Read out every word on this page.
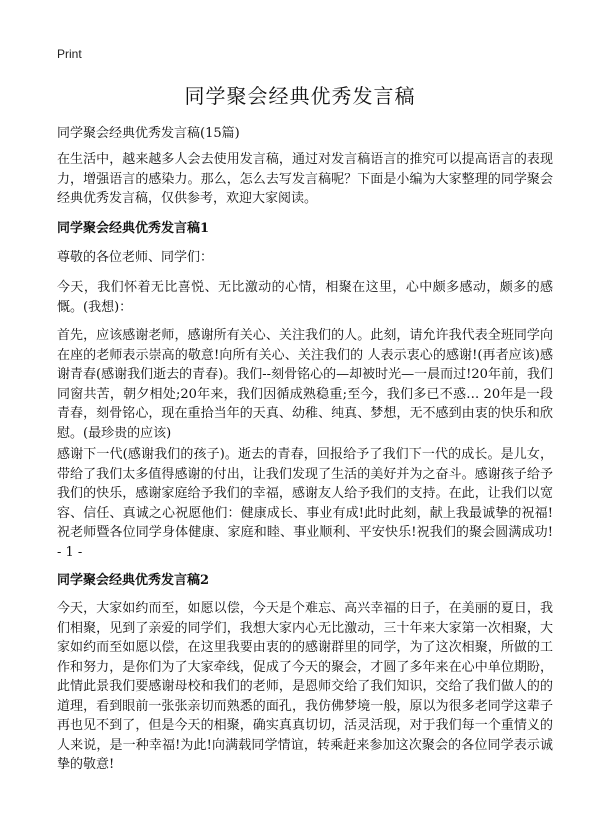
Print
同学聚会经典优秀发言稿
同学聚会经典优秀发言稿(15篇)

在生活中，越来越多人会去使用发言稿，通过对发言稿语言的推究可以提高语言的表现力，增强语言的感染力。那么，怎么去写发言稿呢？下面是小编为大家整理的同学聚会经典优秀发言稿，仅供参考，欢迎大家阅读。

同学聚会经典优秀发言稿1

尊敬的各位老师、同学们：

今天，我们怀着无比喜悦、无比激动的心情，相聚在这里，心中颇多感动，颇多的感慨。(我想)：

首先，应该感谢老师，感谢所有关心、关注我们的人。此刻，请允许我代表全班同学向在座的老师表示崇高的敬意!向所有关心、关注我们的 人表示衷心的感谢!(再者应该)感谢青春(感谢我们逝去的青春)。我们--刻骨铭心的—却被时光—一晨而过!20年前，我们同窗共苦，朝夕相处;20年来，我们因循成熟稳重;至今，我们多已不惑… 20年是一段青春，刻骨铭心，现在重拾当年的天真、幼稚、纯真、梦想，无不感到由衷的快乐和欣慰。(最珍贵的应该)

感谢下一代(感谢我们的孩子)。逝去的青春，回报给予了我们下一代的成长。是儿女，带给了我们太多值得感谢的付出，让我们发现了生活的美好并为之奋斗。感谢孩子给予我们的快乐，感谢家庭给予我们的幸福，感谢友人给予我们的支持。在此，让我们以宽容、信任、真诚之心祝愿他们：健康成长、事业有成!此时此刻，献上我最诚挚的祝福!祝老师暨各位同学身体健康、家庭和睦、事业顺利、平安快乐!祝我们的聚会圆满成功! - 1 -

同学聚会经典优秀发言稿2

今天，大家如约而至，如愿以偿，今天是个难忘、高兴幸福的日子，在美丽的夏日，我们相聚，见到了亲爱的同学们，我想大家内心无比激动，三十年来大家第一次相聚，大家如约而至如愿以偿，在这里我要由衷的的感谢群里的同学，为了这次相聚，所做的工作和努力，是你们为了大家牵线，促成了今天的聚会，才圆了多年来在心中单位期盼，此情此景我们要感谢母校和我们的老师，是恩师交给了我们知识，交给了我们做人的的道理，看到眼前一张张亲切而熟悉的面孔，我仿佛梦境一般，原以为很多老同学这辈子再也见不到了，但是今天的相聚，确实真真切切，活灵活现，对于我们每一个重情义的人来说，是一种幸福!为此!向满载同学情谊，转乘赶来参加这次聚会的各位同学表示诚挚的敬意!
